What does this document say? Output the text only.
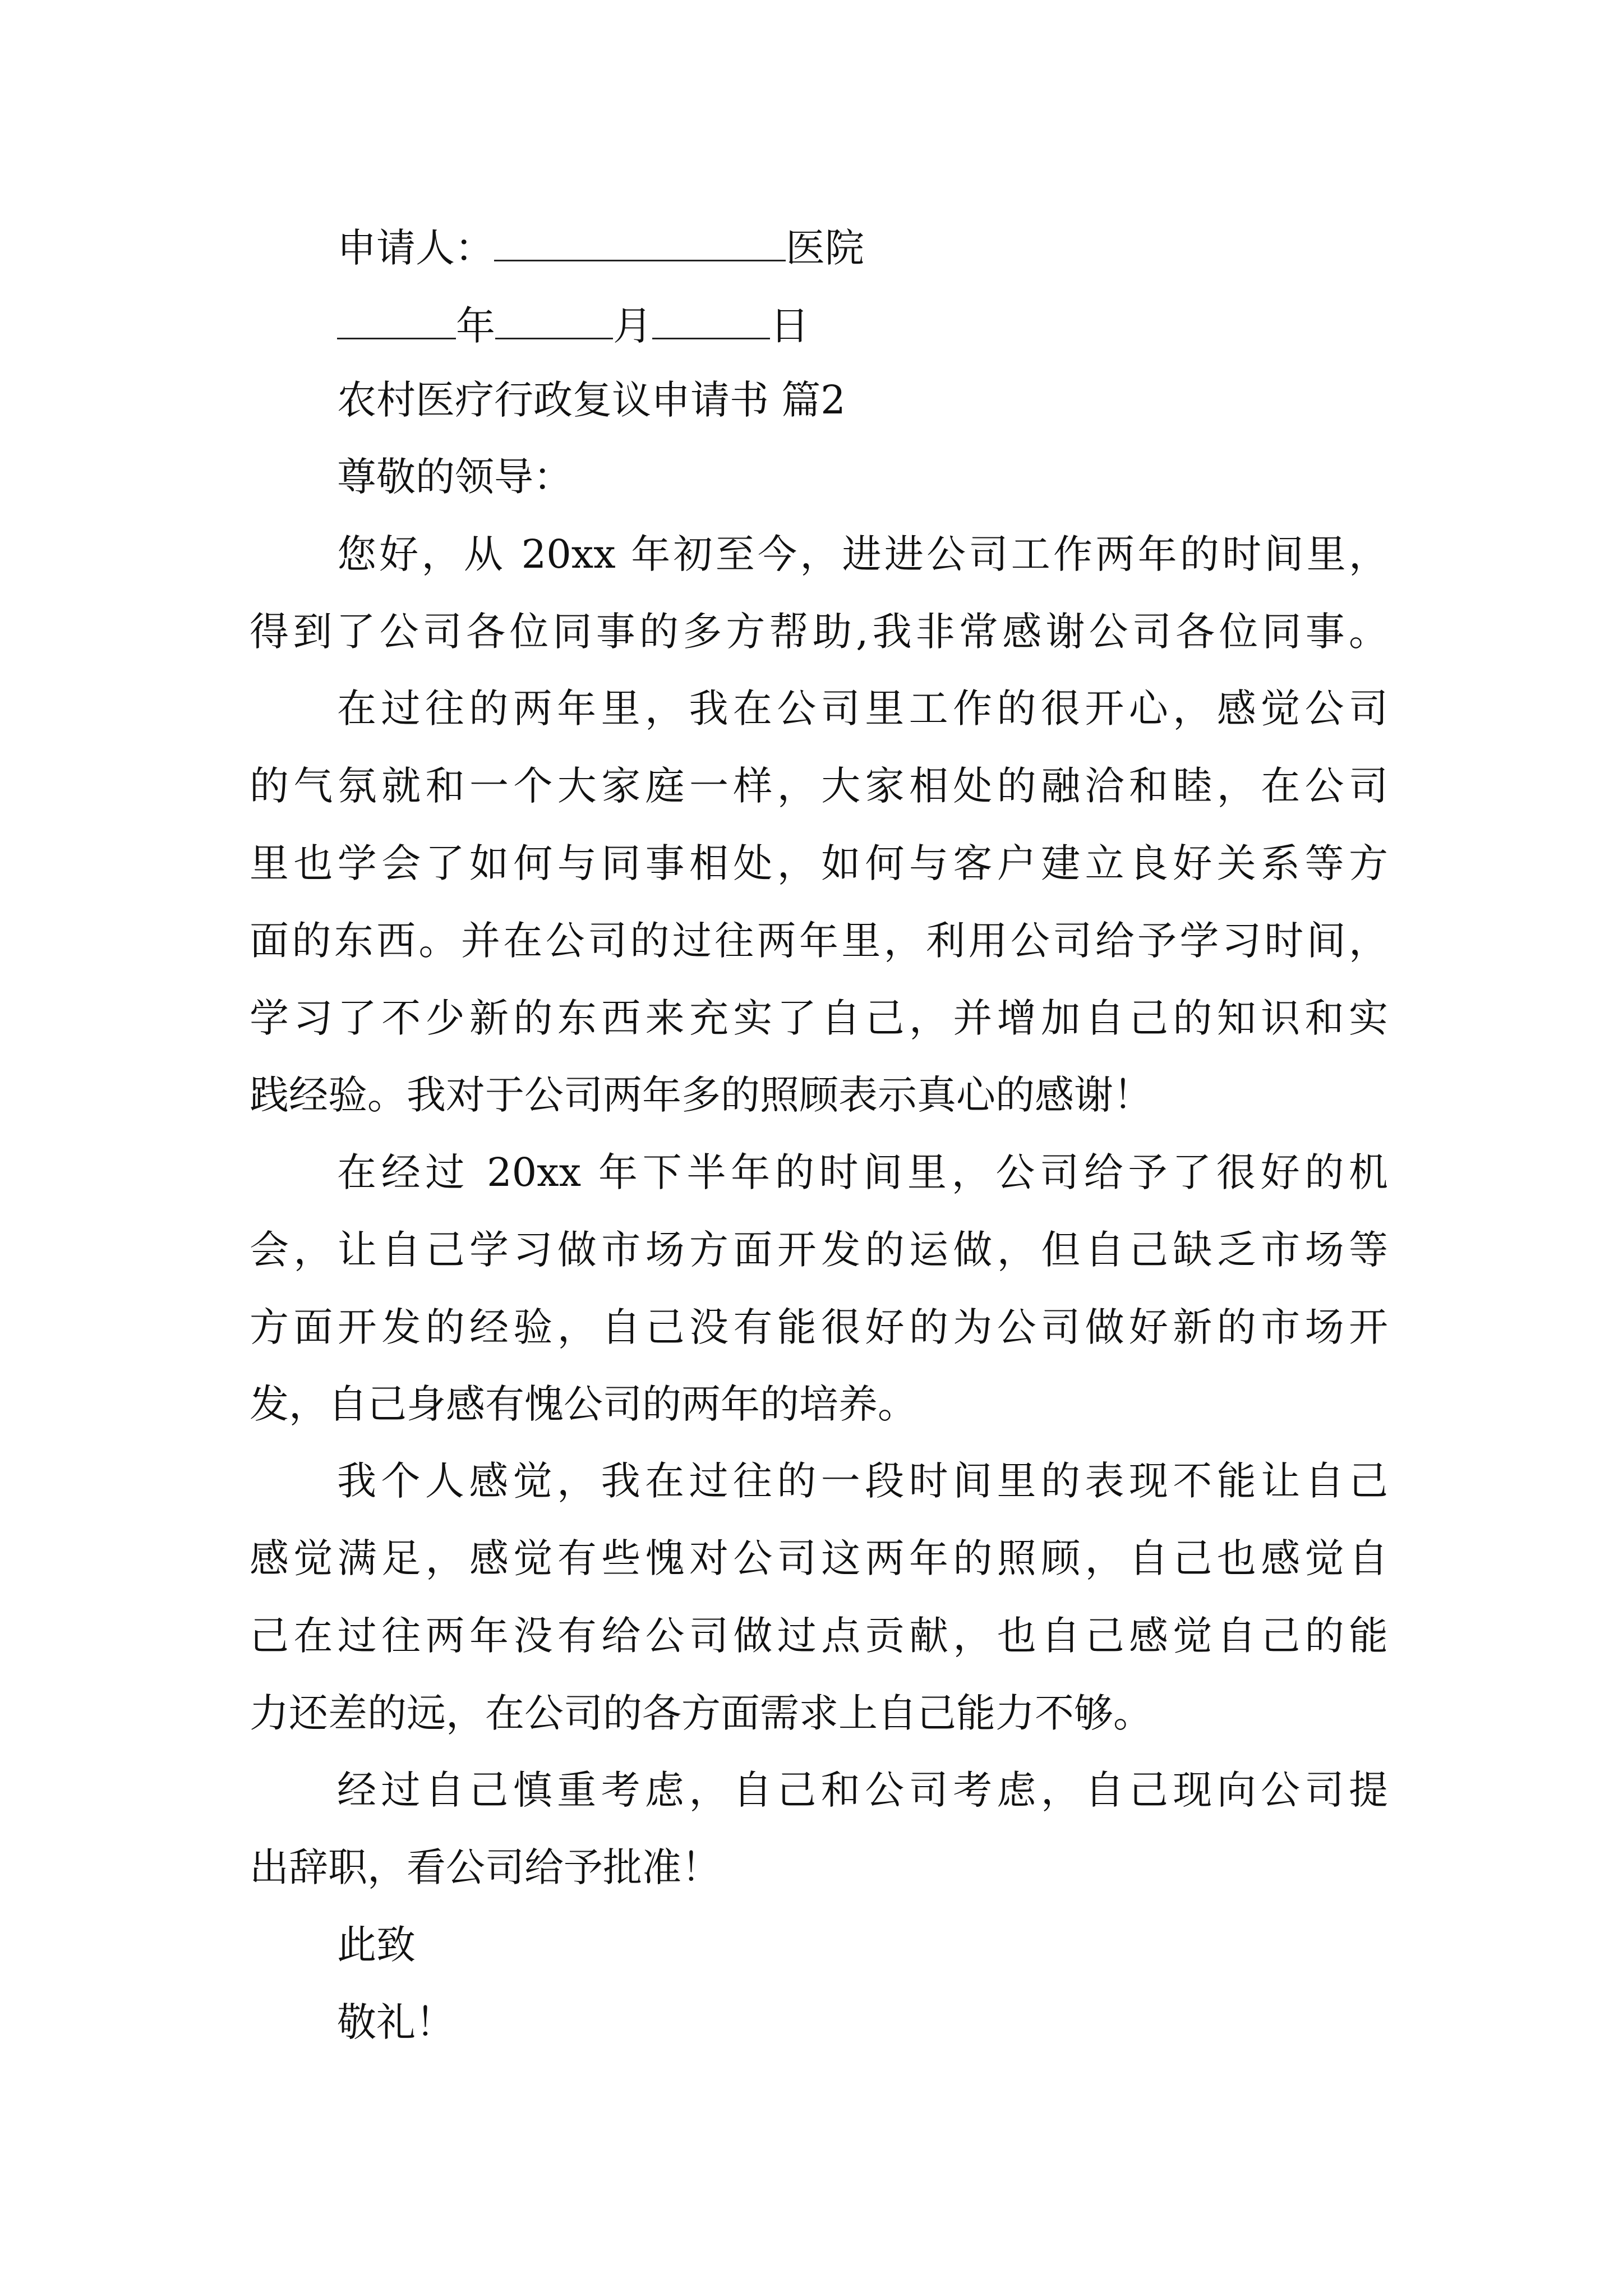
申请人：	医院
年	月	日
农村医疗行政复议申请书 篇2
尊敬的领导：
您好，从 20xx 年初至今，进进公司工作两年的时间里，
得到了公司各位同事的多方帮助,我非常感谢公司各位同事。
在过往的两年里，我在公司里工作的很开心，感觉公司
的气氛就和一个大家庭一样，大家相处的融洽和睦，在公司
里也学会了如何与同事相处，如何与客户建立良好关系等方
面的东西。并在公司的过往两年里，利用公司给予学习时间，
学习了不少新的东西来充实了自己，并增加自己的知识和实
践经验。我对于公司两年多的照顾表示真心的感谢！
在经过 20xx 年下半年的时间里，公司给予了很好的机
会，让自己学习做市场方面开发的运做，但自己缺乏市场等
方面开发的经验，自己没有能很好的为公司做好新的市场开
发，自己身感有愧公司的两年的培养。
我个人感觉，我在过往的一段时间里的表现不能让自己
感觉满足，感觉有些愧对公司这两年的照顾，自己也感觉自
己在过往两年没有给公司做过点贡献，也自己感觉自己的能
力还差的远，在公司的各方面需求上自己能力不够。
经过自己慎重考虑，自己和公司考虑，自己现向公司提
出辞职，看公司给予批准！
此致
敬礼！
